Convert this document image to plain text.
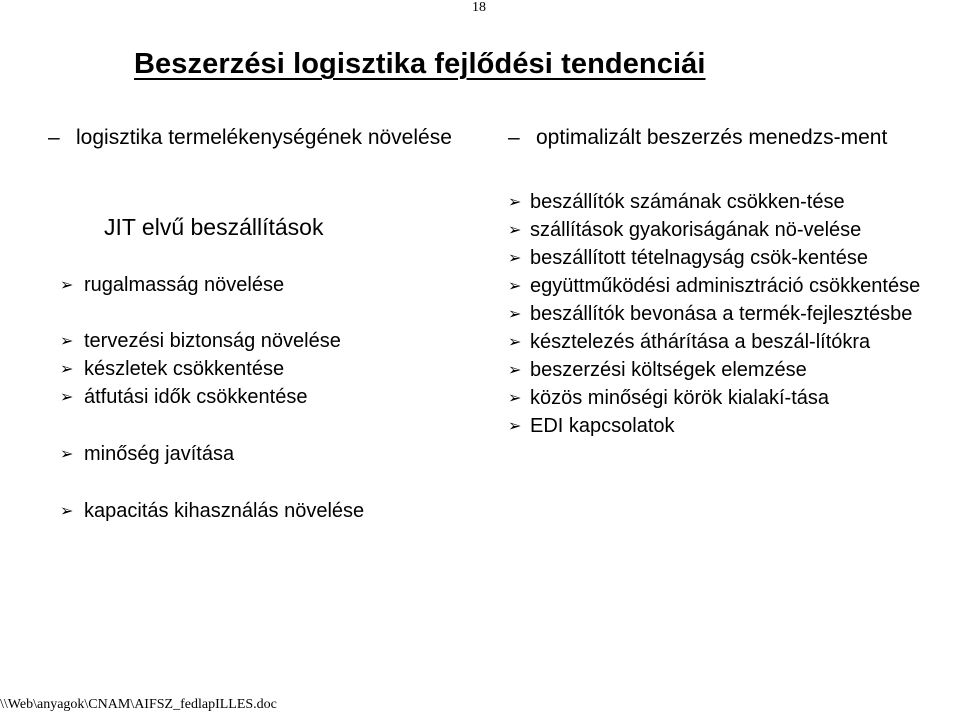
18
Beszerzési logisztika fejlődési tendenciái
– logisztika termelékenységének növelése
JIT elvű beszállítások
➢ rugalmasság növelése
➢ tervezési biztonság növelése
➢ készletek csökkentése
➢ átfutási idők csökkentése
➢ minőség javítása
➢ kapacitás kihasználás növelése
– optimalizált beszerzés menedzs-ment
➢ beszállítók számának csökken-tése
➢ szállítások gyakoriságának nö-velése
➢ beszállított tételnagyság csök-kentése
➢ együttműködési adminisztráció csökkentése
➢ beszállítók bevonása a termék-fejlesztésbe
➢ késztelezés áthárítása a beszál-lítókra
➢ beszerzési költségek elemzése
➢ közös minőségi körök kialakí-tása
➢ EDI kapcsolatok
\\Web\anyagok\CNAM\AIFSZ_fedlapILLES.doc
